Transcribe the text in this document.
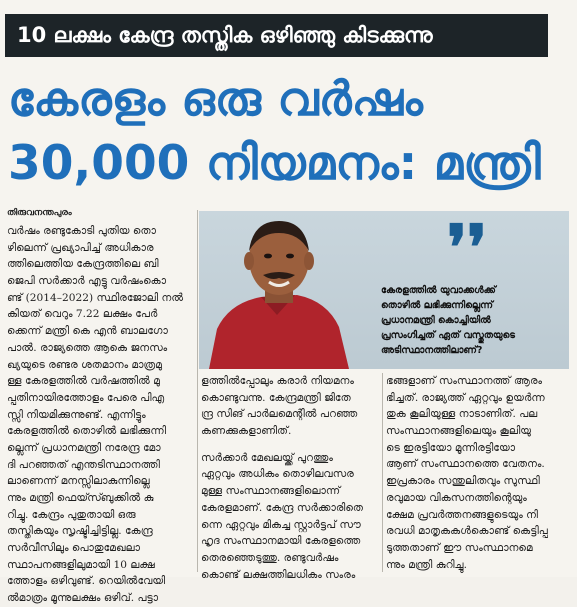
10 ലക്ഷം കേന്ദ്ര തസ്തിക ഒഴിഞ്ഞു കിടക്കുന്നു
കേരളം ഒരു വർഷം
30,000 നിയമനം: മന്ത്രി
തിരുവനന്തപുരം
വർഷം രണ്ടുകോടി പുതിയ തൊ
ഴിലെന്ന് പ്രഖ്യാപിച്ച് അധികാര
ത്തിലെത്തിയ കേന്ദ്രത്തിലെ ബി
ജെപി സർക്കാർ എട്ടു വർഷംകൊ
ണ്ട് (2014–2022) സ്ഥിരജോലി നൽ
കിയത് വെറും 7.22 ലക്ഷം പേർ
ക്കെന്ന് മന്ത്രി കെ എൻ ബാലഗോ
പാൽ. രാജ്യത്തെ ആകെ ജനസം
ഖ്യയുടെ രണ്ടര ശതമാനം മാത്രമു
ള്ള കേരളത്തിൽ വർഷത്തിൽ മു
പ്പതിനായിരത്തോളം പേരെ പിഎ
സ്സി നിയമിക്കുന്നുണ്ട്. എന്നിട്ടും
കേരളത്തിൽ തൊഴിൽ ലഭിക്കുന്നി
ല്ലെന്ന് പ്രധാനമന്ത്രി നരേന്ദ്ര മോ
ദി പറഞ്ഞത് എന്തടിസ്ഥാനത്തി
ലാണെന്ന് മനസ്സിലാകുന്നില്ലെ
ന്നും മന്ത്രി ഫെയ്സ്ബുക്കിൽ കു
റിച്ചു. കേന്ദ്രം പുതുതായി ഒരു
തസ്തികയും സൃഷ്ടിച്ചിട്ടില്ല. കേന്ദ്ര
സർവീസിലും പൊതുമേഖലാ
സ്ഥാപനങ്ങളിലുമായി 10 ലക്ഷ
ത്തോളം ഒഴിവുണ്ട്. റെയിൽവേയി
ൽമാത്രം മൂന്നുലക്ഷം ഒഴിവ്. പട്ടാ
❜❜
കേരളത്തിൽ യുവാക്കൾക്ക്
തൊഴിൽ ലഭിക്കുന്നില്ലെന്ന്
പ്രധാനമന്ത്രി കൊച്ചിയിൽ
പ്രസംഗിച്ചത് ഏത് വസ്തുതയുടെ
അടിസ്ഥാനത്തിലാണ്?
ളത്തിൽപ്പോലും കരാർ നിയമനം
കൊണ്ടുവന്നു. കേന്ദ്രമന്ത്രി ജിതേ
ന്ദ്ര സിങ് പാർലമെന്റിൽ പറഞ്ഞ
കണക്കുകളാണിത്.
സർക്കാർ മേഖലയ്ക്ക് പുറത്തും
ഏറ്റവും അധികം തൊഴിലവസര
മുള്ള സംസ്ഥാനങ്ങളിലൊന്ന്
കേരളമാണ്. കേന്ദ്ര സർക്കാരിതെ
ന്നെ ഏറ്റവും മികച്ച സ്റ്റാർട്ടപ് സൗ
ഹൃദ സംസ്ഥാനമായി കേരളത്തെ
തെരഞ്ഞെടുത്തു. രണ്ടുവർഷം
കൊണ്ട് ലക്ഷത്തിലധികം സംരം
ഭങ്ങളാണ് സംസ്ഥാനത്ത് ആരം
ഭിച്ചത്. രാജ്യത്ത് ഏറ്റവും ഉയർന്ന
തുക കൂലിയുള്ള നാടാണിത്. പല
സംസ്ഥാനങ്ങളിലെയും കൂലിയു
ടെ ഇരട്ടിയോ മൂന്നിരട്ടിയോ
ആണ് സംസ്ഥാനത്തെ വേതനം.
ഇപ്രകാരം സന്തുലിതവും സുസ്ഥി
രവുമായ വികസനത്തിന്റെയും
ക്ഷേമ പ്രവർത്തനങ്ങളുടെയും നി
രവധി മാതൃകകൾകൊണ്ട് കെട്ടിപ്പ
ടുത്തതാണ് ഈ സംസ്ഥാനമെ
ന്നും മന്ത്രി കുറിച്ചു.
